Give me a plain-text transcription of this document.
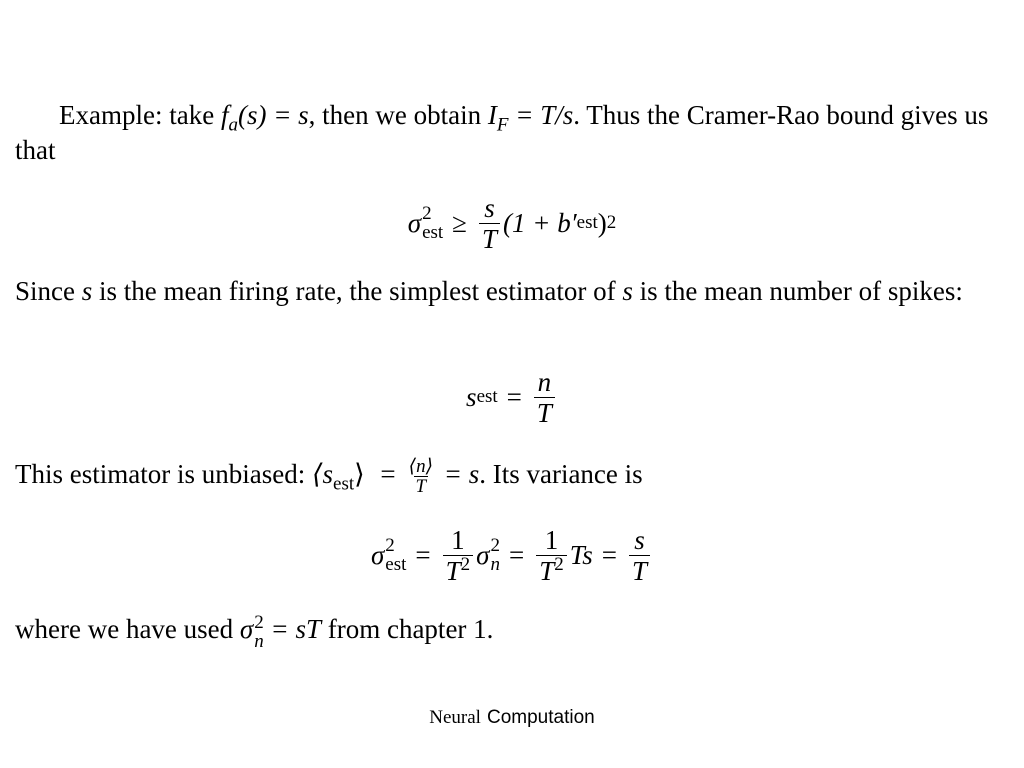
Example: take $f_a(s) = s$, then we obtain $I_F = T/s$. Thus the Cramer-Rao bound gives us that
σ 2
est ≥ $\frac{s}{T} (1 + b'$ est ) 2
Since s is the mean firing rate, the simplest estimator of s is the mean number of spikes:
s est = $\frac{n}{T}$
This estimator is unbiased: $⟨s_{est}⟩ = \frac{⟨n⟩}{T} = s$. Its variance is
σ 2
est = $\frac{1}{T^2}$ σ 2
$n = \frac{1}{T^2}$ $Ts = \frac{s}{T}$
where we have used σ 2
n = sT from chapter 1.
Neural Computation
